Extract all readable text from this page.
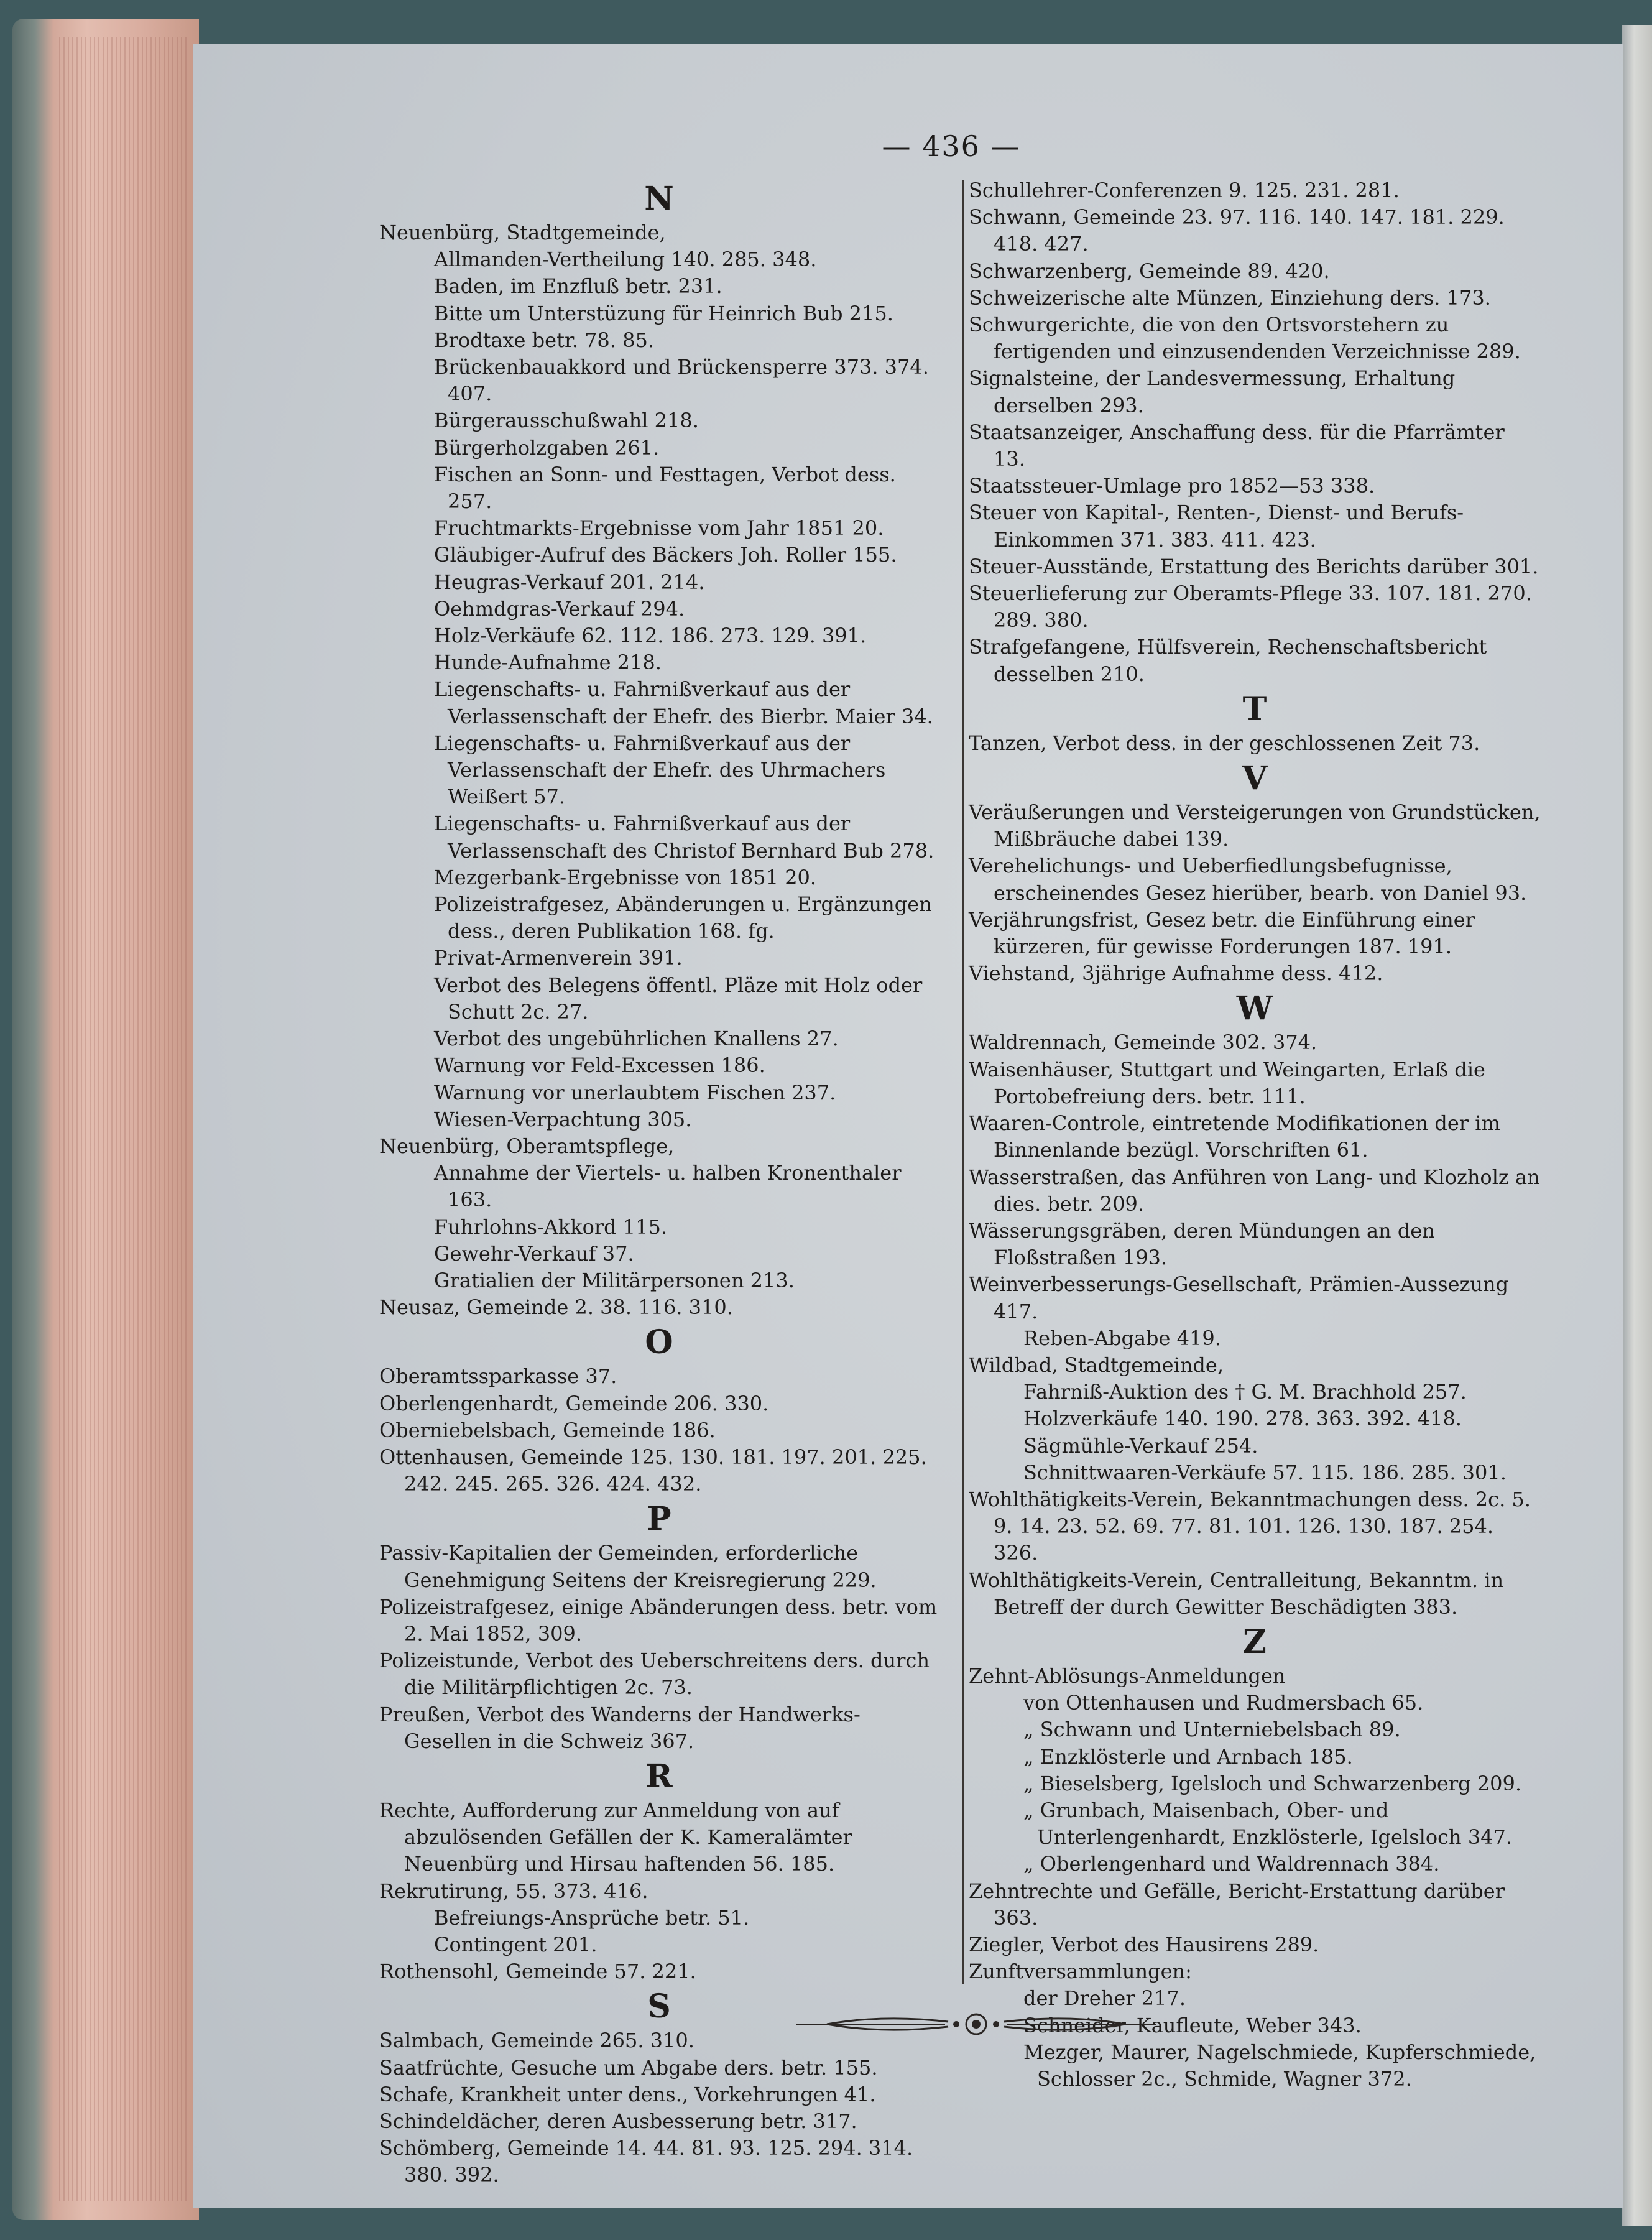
— 436 —
N
Neuenbürg, Stadtgemeinde,
Allmanden-Vertheilung 140. 285. 348.
Baden, im Enzfluß betr. 231.
Bitte um Unterstüzung für Heinrich Bub 215.
Brodtaxe betr. 78. 85.
Brückenbauakkord und Brückensperre 373. 374. 407.
Bürgerausschußwahl 218.
Bürgerholzgaben 261.
Fischen an Sonn- und Festtagen, Verbot dess. 257.
Fruchtmarkts-Ergebnisse vom Jahr 1851 20.
Gläubiger-Aufruf des Bäckers Joh. Roller 155.
Heugras-Verkauf 201. 214.
Oehmdgras-Verkauf 294.
Holz-Verkäufe 62. 112. 186. 273. 129. 391.
Hunde-Aufnahme 218.
Liegenschafts- u. Fahrnißverkauf aus der Verlassenschaft der Ehefr. des Bierbr. Maier 34.
Liegenschafts- u. Fahrnißverkauf aus der Verlassenschaft der Ehefr. des Uhrmachers Weißert 57.
Liegenschafts- u. Fahrnißverkauf aus der Verlassenschaft des Christof Bernhard Bub 278.
Mezgerbank-Ergebnisse von 1851 20.
Polizeistrafgesez, Abänderungen u. Ergänzungen dess., deren Publikation 168. fg.
Privat-Armenverein 391.
Verbot des Belegens öffentl. Pläze mit Holz oder Schutt 2c. 27.
Verbot des ungebührlichen Knallens 27.
Warnung vor Feld-Excessen 186.
Warnung vor unerlaubtem Fischen 237.
Wiesen-Verpachtung 305.
Neuenbürg, Oberamtspflege,
Annahme der Viertels- u. halben Kronenthaler 163.
Fuhrlohns-Akkord 115.
Gewehr-Verkauf 37.
Gratialien der Militärpersonen 213.
Neusaz, Gemeinde 2. 38. 116. 310.
O
Oberamtssparkasse 37.
Oberlengenhardt, Gemeinde 206. 330.
Oberniebelsbach, Gemeinde 186.
Ottenhausen, Gemeinde 125. 130. 181. 197. 201. 225. 242. 245. 265. 326. 424. 432.
P
Passiv-Kapitalien der Gemeinden, erforderliche Genehmigung Seitens der Kreisregierung 229.
Polizeistrafgesez, einige Abänderungen dess. betr. vom 2. Mai 1852, 309.
Polizeistunde, Verbot des Ueberschreitens ders. durch die Militärpflichtigen 2c. 73.
Preußen, Verbot des Wanderns der Handwerks-Gesellen in die Schweiz 367.
R
Rechte, Aufforderung zur Anmeldung von auf abzulösenden Gefällen der K. Kameralämter Neuenbürg und Hirsau haftenden 56. 185.
Rekrutirung, 55. 373. 416.
Befreiungs-Ansprüche betr. 51.
Contingent 201.
Rothensohl, Gemeinde 57. 221.
S
Salmbach, Gemeinde 265. 310.
Saatfrüchte, Gesuche um Abgabe ders. betr. 155.
Schafe, Krankheit unter dens., Vorkehrungen 41.
Schindeldächer, deren Ausbesserung betr. 317.
Schömberg, Gemeinde 14. 44. 81. 93. 125. 294. 314. 380. 392.
Schullehrer-Conferenzen 9. 125. 231. 281.
Schwann, Gemeinde 23. 97. 116. 140. 147. 181. 229. 418. 427.
Schwarzenberg, Gemeinde 89. 420.
Schweizerische alte Münzen, Einziehung ders. 173.
Schwurgerichte, die von den Ortsvorstehern zu fertigenden und einzusendenden Verzeichnisse 289.
Signalsteine, der Landesvermessung, Erhaltung derselben 293.
Staatsanzeiger, Anschaffung dess. für die Pfarrämter 13.
Staatssteuer-Umlage pro 1852—53 338.
Steuer von Kapital-, Renten-, Dienst- und Berufs-Einkommen 371. 383. 411. 423.
Steuer-Ausstände, Erstattung des Berichts darüber 301.
Steuerlieferung zur Oberamts-Pflege 33. 107. 181. 270. 289. 380.
Strafgefangene, Hülfsverein, Rechenschaftsbericht desselben 210.
T
Tanzen, Verbot dess. in der geschlossenen Zeit 73.
V
Veräußerungen und Versteigerungen von Grundstücken, Mißbräuche dabei 139.
Verehelichungs- und Ueberfiedlungsbefugnisse, erscheinendes Gesez hierüber, bearb. von Daniel 93.
Verjährungsfrist, Gesez betr. die Einführung einer kürzeren, für gewisse Forderungen 187. 191.
Viehstand, 3jährige Aufnahme dess. 412.
W
Waldrennach, Gemeinde 302. 374.
Waisenhäuser, Stuttgart und Weingarten, Erlaß die Portobefreiung ders. betr. 111.
Waaren-Controle, eintretende Modifikationen der im Binnenlande bezügl. Vorschriften 61.
Wasserstraßen, das Anführen von Lang- und Klozholz an dies. betr. 209.
Wässerungsgräben, deren Mündungen an den Floßstraßen 193.
Weinverbesserungs-Gesellschaft, Prämien-Aussezung 417.
Reben-Abgabe 419.
Wildbad, Stadtgemeinde,
Fahrniß-Auktion des † G. M. Brachhold 257.
Holzverkäufe 140. 190. 278. 363. 392. 418.
Sägmühle-Verkauf 254.
Schnittwaaren-Verkäufe 57. 115. 186. 285. 301.
Wohlthätigkeits-Verein, Bekanntmachungen dess. 2c. 5. 9. 14. 23. 52. 69. 77. 81. 101. 126. 130. 187. 254. 326.
Wohlthätigkeits-Verein, Centralleitung, Bekanntm. in Betreff der durch Gewitter Beschädigten 383.
Z
Zehnt-Ablösungs-Anmeldungen
von Ottenhausen und Rudmersbach 65.
„ Schwann und Unterniebelsbach 89.
„ Enzklösterle und Arnbach 185.
„ Bieselsberg, Igelsloch und Schwarzenberg 209.
„ Grunbach, Maisenbach, Ober- und Unterlengenhardt, Enzklösterle, Igelsloch 347.
„ Oberlengenhard und Waldrennach 384.
Zehntrechte und Gefälle, Bericht-Erstattung darüber 363.
Ziegler, Verbot des Hausirens 289.
Zunftversammlungen:
der Dreher 217.
Schneider, Kaufleute, Weber 343.
Mezger, Maurer, Nagelschmiede, Kupferschmiede, Schlosser 2c., Schmide, Wagner 372.
